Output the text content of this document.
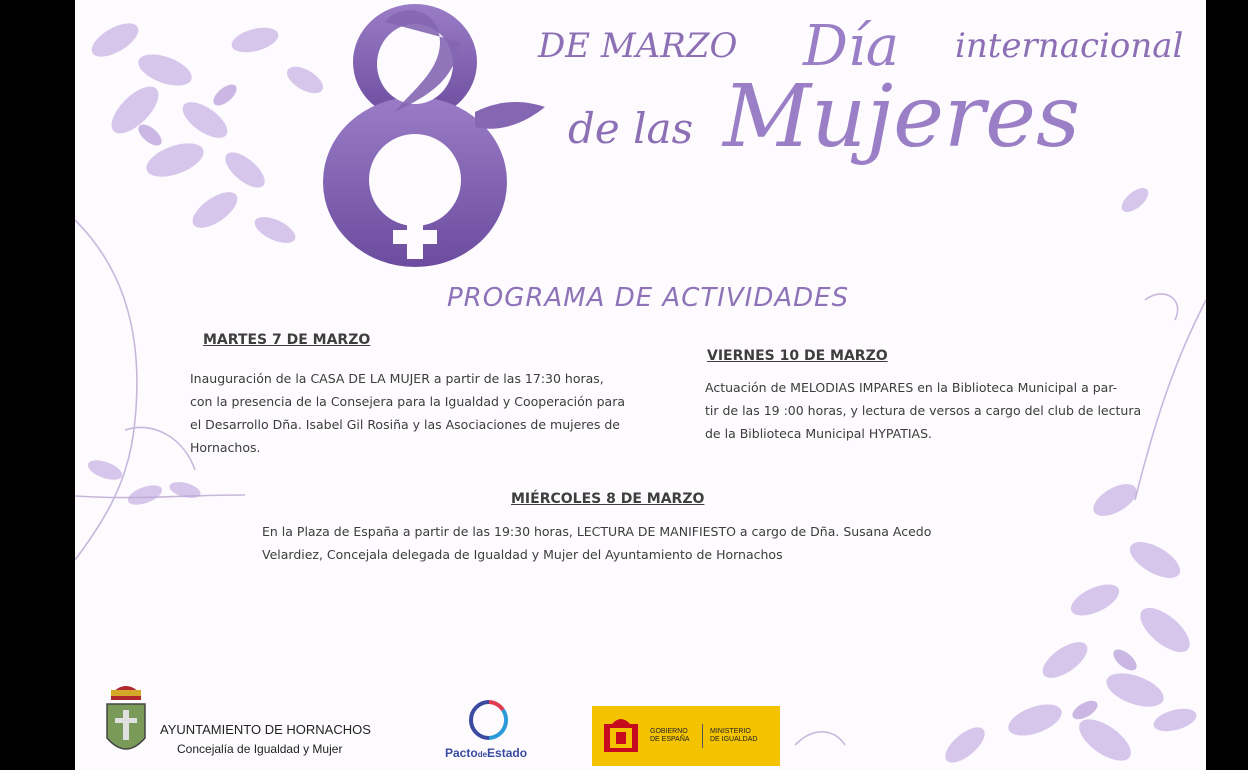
DE MARZO Día internacional
de las Mujeres
PROGRAMA DE ACTIVIDADES
MARTES 7 DE MARZO
Inauguración de la CASA DE LA MUJER a partir de las 17:30 horas,
con la presencia de la Consejera para la Igualdad y Cooperación para
el Desarrollo Dña. Isabel Gil Rosiña y las Asociaciones de mujeres de
Hornachos.
VIERNES 10 DE MARZO
Actuación de MELODIAS IMPARES en la Biblioteca Municipal a par-
tir de las 19 :00 horas, y lectura de versos a cargo del club de lectura
de la Biblioteca Municipal HYPATIAS.
MIÉRCOLES 8 DE MARZO
En la Plaza de España a partir de las 19:30 horas, LECTURA DE MANIFIESTO a cargo de Dña. Susana Acedo
Velardiez, Concejala delegada de Igualdad y Mujer del Ayuntamiento de Hornachos
AYUNTAMIENTO DE HORNACHOS
Concejalía de Igualdad y Mujer	PactodeEstado
GOBIERNO
DE ESPAÑA
MINISTERIO
DE IGUALDAD
